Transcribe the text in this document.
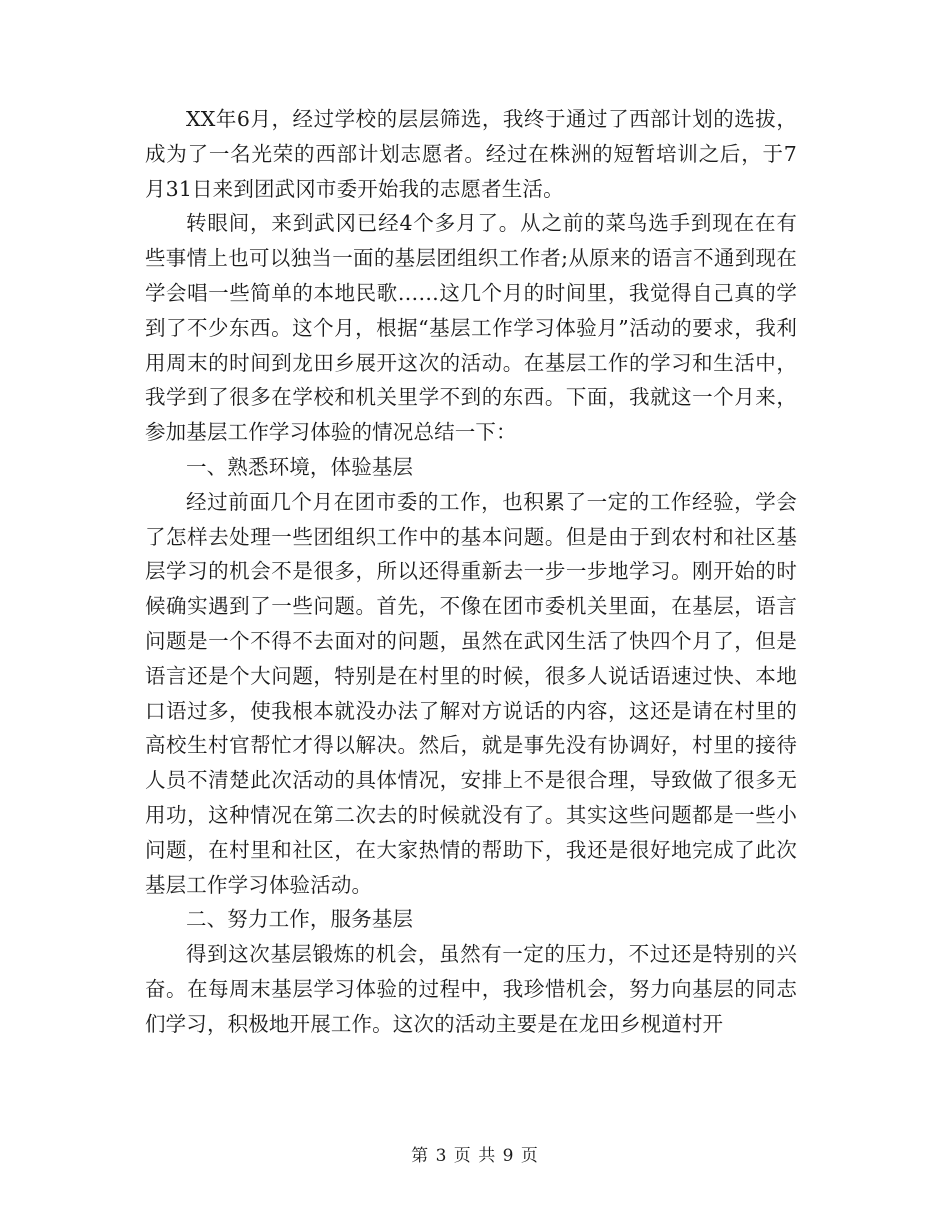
XX年6月，经过学校的层层筛选，我终于通过了西部计划的选拔，成为了一名光荣的西部计划志愿者。经过在株洲的短暂培训之后，于7月31日来到团武冈市委开始我的志愿者生活。

转眼间，来到武冈已经4个多月了。从之前的菜鸟选手到现在在有些事情上也可以独当一面的基层团组织工作者;从原来的语言不通到现在学会唱一些简单的本地民歌……这几个月的时间里，我觉得自己真的学到了不少东西。这个月，根据“基层工作学习体验月”活动的要求，我利用周末的时间到龙田乡展开这次的活动。在基层工作的学习和生活中，我学到了很多在学校和机关里学不到的东西。下面，我就这一个月来，参加基层工作学习体验的情况总结一下：

一、熟悉环境，体验基层

经过前面几个月在团市委的工作，也积累了一定的工作经验，学会了怎样去处理一些团组织工作中的基本问题。但是由于到农村和社区基层学习的机会不是很多，所以还得重新去一步一步地学习。刚开始的时候确实遇到了一些问题。首先，不像在团市委机关里面，在基层，语言问题是一个不得不去面对的问题，虽然在武冈生活了快四个月了，但是语言还是个大问题，特别是在村里的时候，很多人说话语速过快、本地口语过多，使我根本就没办法了解对方说话的内容，这还是请在村里的高校生村官帮忙才得以解决。然后，就是事先没有协调好，村里的接待人员不清楚此次活动的具体情况，安排上不是很合理，导致做了很多无用功，这种情况在第二次去的时候就没有了。其实这些问题都是一些小问题，在村里和社区，在大家热情的帮助下，我还是很好地完成了此次基层工作学习体验活动。

二、努力工作，服务基层

得到这次基层锻炼的机会，虽然有一定的压力，不过还是特别的兴奋。在每周末基层学习体验的过程中，我珍惜机会，努力向基层的同志们学习，积极地开展工作。这次的活动主要是在龙田乡枧道村开

第 3 页 共 9 页
